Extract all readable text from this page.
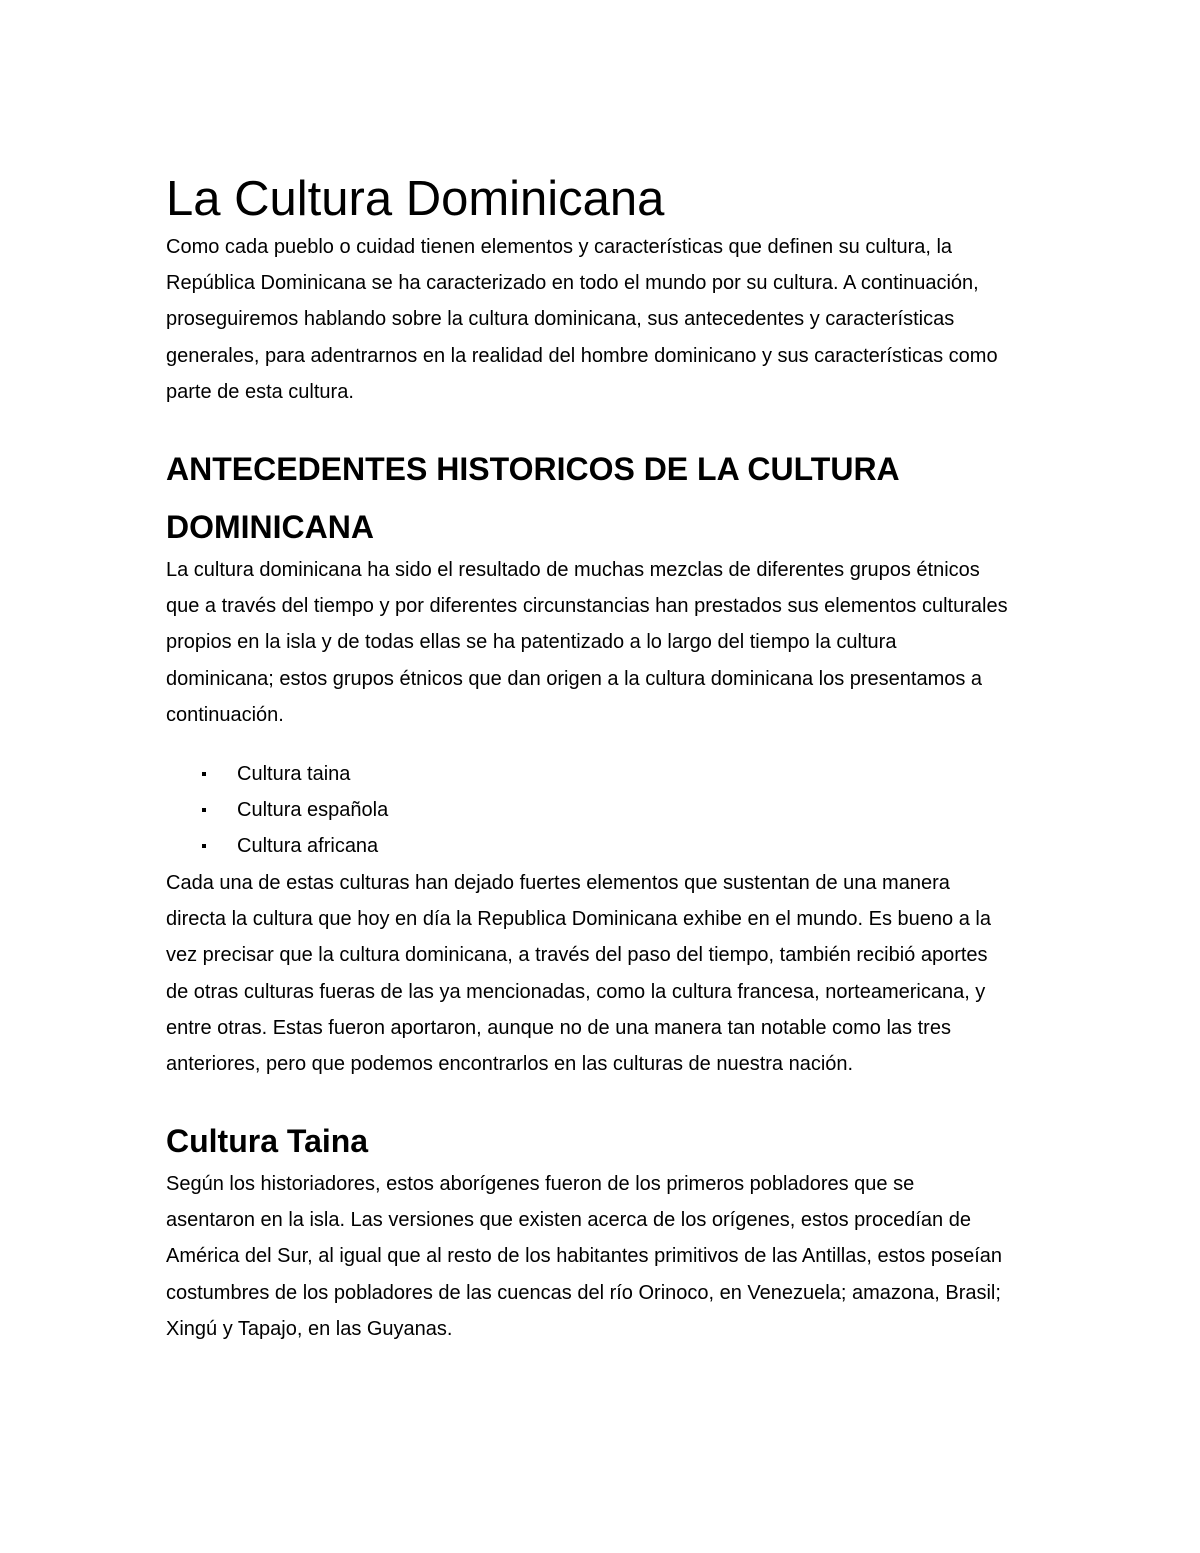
La Cultura Dominicana

Como cada pueblo o cuidad tienen elementos y características que definen su cultura, la
República Dominicana se ha caracterizado en todo el mundo por su cultura. A continuación,
proseguiremos hablando sobre la cultura dominicana, sus antecedentes y características
generales, para adentrarnos en la realidad del hombre dominicano y sus características como
parte de esta cultura.

ANTECEDENTES HISTORICOS DE LA CULTURA
DOMINICANA

La cultura dominicana ha sido el resultado de muchas mezclas de diferentes grupos étnicos
que a través del tiempo y por diferentes circunstancias han prestados sus elementos culturales
propios en la isla y de todas ellas se ha patentizado a lo largo del tiempo la cultura
dominicana; estos grupos étnicos que dan origen a la cultura dominicana los presentamos a
continuación.

Cultura taina
Cultura española
Cultura africana

Cada una de estas culturas han dejado fuertes elementos que sustentan de una manera
directa la cultura que hoy en día la Republica Dominicana exhibe en el mundo. Es bueno a la
vez precisar que la cultura dominicana, a través del paso del tiempo, también recibió aportes
de otras culturas fueras de las ya mencionadas, como la cultura francesa, norteamericana, y
entre otras. Estas fueron aportaron, aunque no de una manera tan notable como las tres
anteriores, pero que podemos encontrarlos en las culturas de nuestra nación.

Cultura Taina

Según los historiadores, estos aborígenes fueron de los primeros pobladores que se
asentaron en la isla. Las versiones que existen acerca de los orígenes, estos procedían de
América del Sur, al igual que al resto de los habitantes primitivos de las Antillas, estos poseían
costumbres de los pobladores de las cuencas del río Orinoco, en Venezuela; amazona, Brasil;
Xingú y Tapajo, en las Guyanas.
